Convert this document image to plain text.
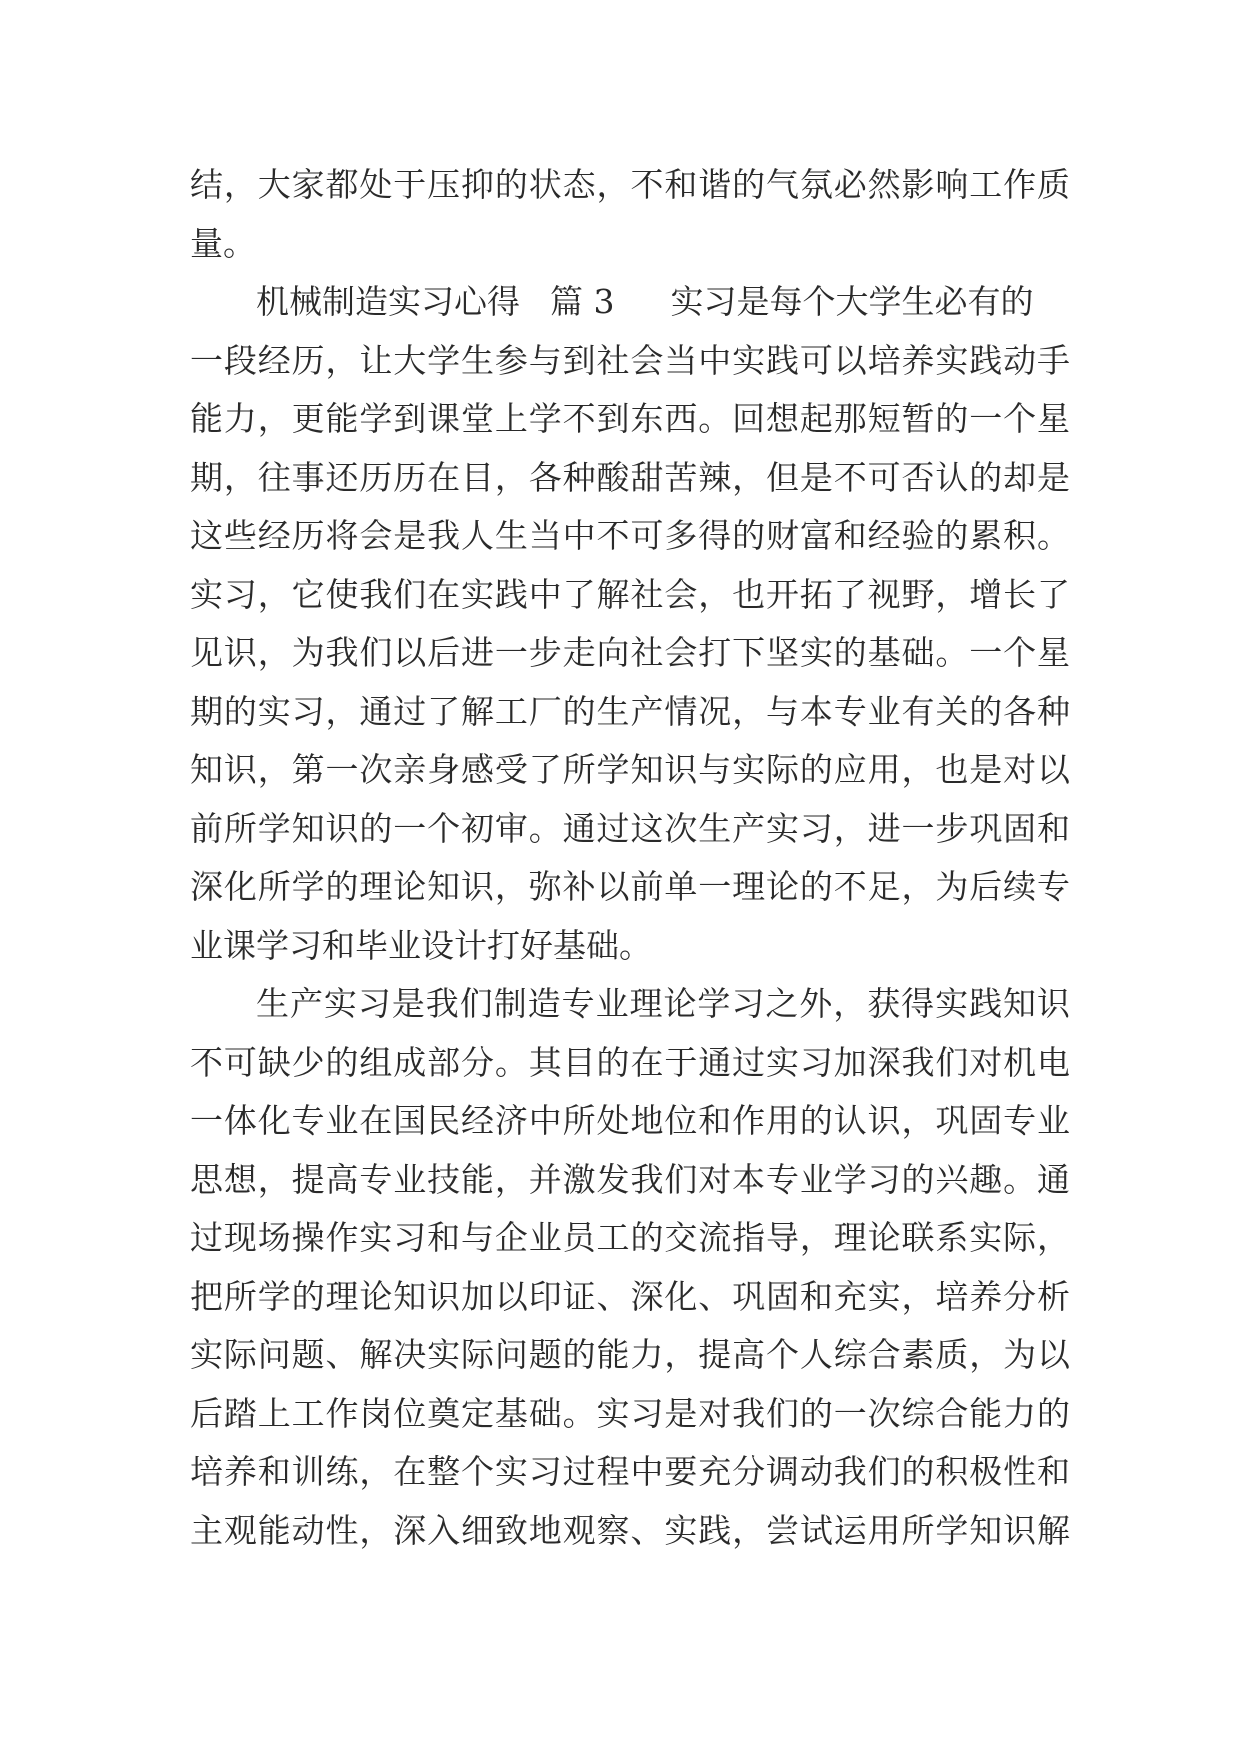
结，大家都处于压抑的状态，不和谐的气氛必然影响工作质
量。
机械制造实习心得 篇 3 实习是每个大学生必有的
一段经历，让大学生参与到社会当中实践可以培养实践动手
能力，更能学到课堂上学不到东西。回想起那短暂的一个星
期，往事还历历在目，各种酸甜苦辣，但是不可否认的却是
这些经历将会是我人生当中不可多得的财富和经验的累积。
实习，它使我们在实践中了解社会，也开拓了视野，增长了
见识，为我们以后进一步走向社会打下坚实的基础。一个星
期的实习，通过了解工厂的生产情况，与本专业有关的各种
知识，第一次亲身感受了所学知识与实际的应用，也是对以
前所学知识的一个初审。通过这次生产实习，进一步巩固和
深化所学的理论知识，弥补以前单一理论的不足，为后续专
业课学习和毕业设计打好基础。
生产实习是我们制造专业理论学习之外，获得实践知识
不可缺少的组成部分。其目的在于通过实习加深我们对机电
一体化专业在国民经济中所处地位和作用的认识，巩固专业
思想，提高专业技能，并激发我们对本专业学习的兴趣。通
过现场操作实习和与企业员工的交流指导，理论联系实际，
把所学的理论知识加以印证、深化、巩固和充实，培养分析
实际问题、解决实际问题的能力，提高个人综合素质，为以
后踏上工作岗位奠定基础。实习是对我们的一次综合能力的
培养和训练，在整个实习过程中要充分调动我们的积极性和
主观能动性，深入细致地观察、实践，尝试运用所学知识解
